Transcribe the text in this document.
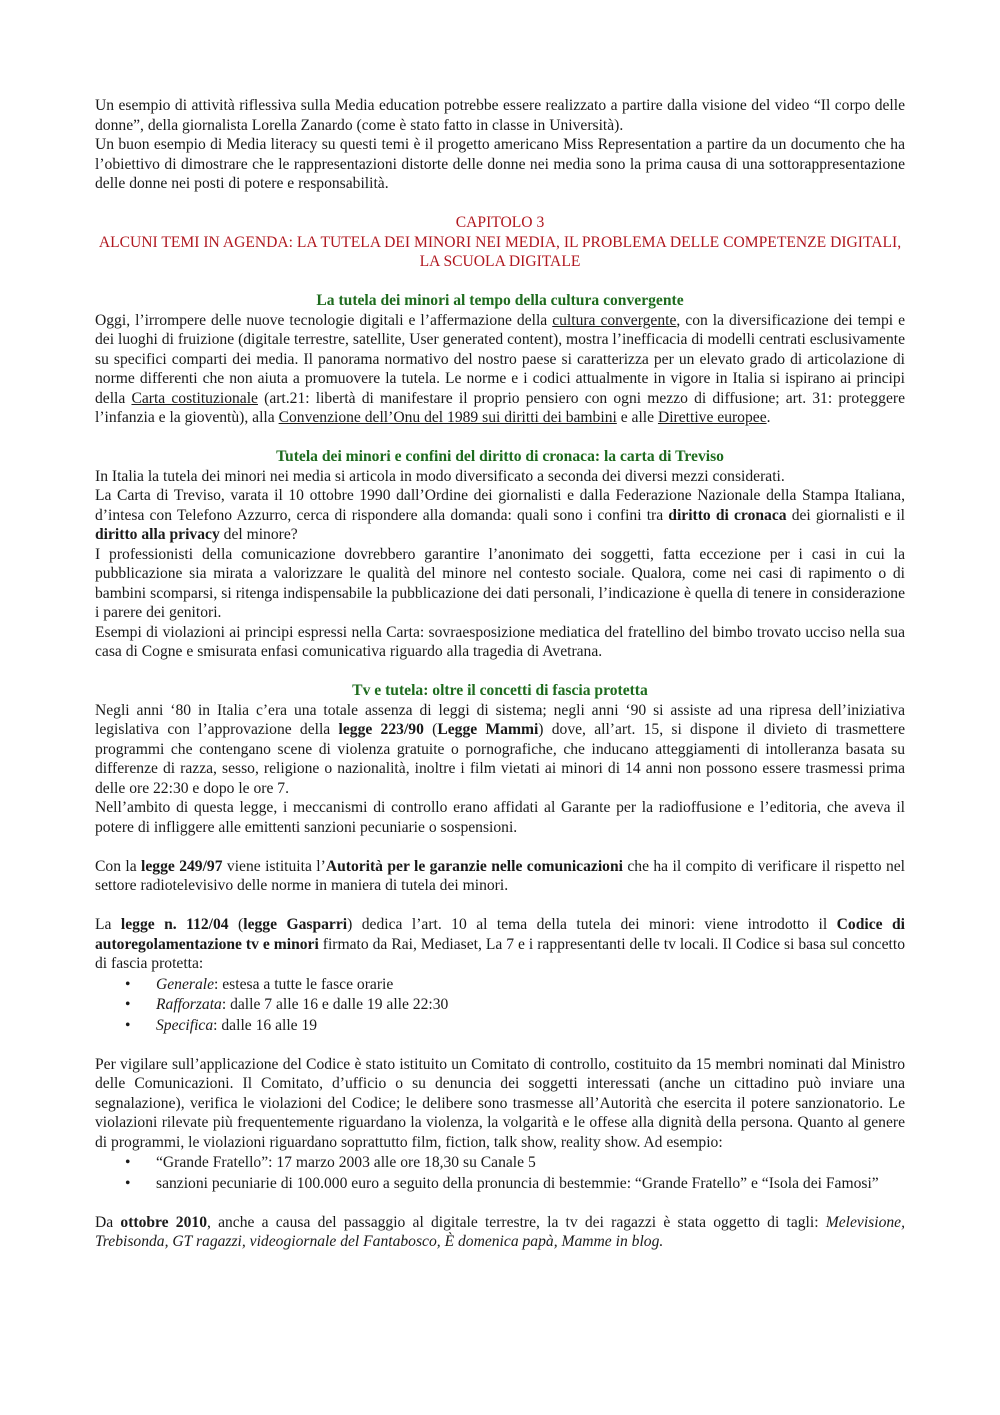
Un esempio di attività riflessiva sulla Media education potrebbe essere realizzato a partire dalla visione del video “Il corpo delle donne”, della giornalista Lorella Zanardo (come è stato fatto in classe in Università).

Un buon esempio di Media literacy su questi temi è il progetto americano Miss Representation a partire da un documento che ha l’obiettivo di dimostrare che le rappresentazioni distorte delle donne nei media sono la prima causa di una sottorappresentazione delle donne nei posti di potere e responsabilità.

CAPITOLO 3
ALCUNI TEMI IN AGENDA: LA TUTELA DEI MINORI NEI MEDIA, IL PROBLEMA DELLE COMPETENZE DIGITALI, LA SCUOLA DIGITALE
La tutela dei minori al tempo della cultura convergente

Oggi, l’irrompere delle nuove tecnologie digitali e l’affermazione della cultura convergente, con la diversificazione dei tempi e dei luoghi di fruizione (digitale terrestre, satellite, User generated content), mostra l’inefficacia di modelli centrati esclusivamente su specifici comparti dei media. Il panorama normativo del nostro paese si caratterizza per un elevato grado di articolazione di norme differenti che non aiuta a promuovere la tutela. Le norme e i codici attualmente in vigore in Italia si ispirano ai principi della Carta costituzionale (art.21: libertà di manifestare il proprio pensiero con ogni mezzo di diffusione; art. 31: proteggere l’infanzia e la gioventù), alla Convenzione dell’Onu del 1989 sui diritti dei bambini e alle Direttive europee.

Tutela dei minori e confini del diritto di cronaca: la carta di Treviso

In Italia la tutela dei minori nei media si articola in modo diversificato a seconda dei diversi mezzi considerati.

La Carta di Treviso, varata il 10 ottobre 1990 dall’Ordine dei giornalisti e dalla Federazione Nazionale della Stampa Italiana, d’intesa con Telefono Azzurro, cerca di rispondere alla domanda: quali sono i confini tra diritto di cronaca dei giornalisti e il diritto alla privacy del minore?

I professionisti della comunicazione dovrebbero garantire l’anonimato dei soggetti, fatta eccezione per i casi in cui la pubblicazione sia mirata a valorizzare le qualità del minore nel contesto sociale. Qualora, come nei casi di rapimento o di bambini scomparsi, si ritenga indispensabile la pubblicazione dei dati personali, l’indicazione è quella di tenere in considerazione i parere dei genitori.

Esempi di violazioni ai principi espressi nella Carta: sovraesposizione mediatica del fratellino del bimbo trovato ucciso nella sua casa di Cogne e smisurata enfasi comunicativa riguardo alla tragedia di Avetrana.

Tv e tutela: oltre il concetti di fascia protetta

Negli anni ‘80 in Italia c’era una totale assenza di leggi di sistema; negli anni ‘90 si assiste ad una ripresa dell’iniziativa legislativa con l’approvazione della legge 223/90 (Legge Mammi) dove, all’art. 15, si dispone il divieto di trasmettere programmi che contengano scene di violenza gratuite o pornografiche, che inducano atteggiamenti di intolleranza basata su differenze di razza, sesso, religione o nazionalità, inoltre i film vietati ai minori di 14 anni non possono essere trasmessi prima delle ore 22:30 e dopo le ore 7.

Nell’ambito di questa legge, i meccanismi di controllo erano affidati al Garante per la radioffusione e l’editoria, che aveva il potere di infliggere alle emittenti sanzioni pecuniarie o sospensioni.

Con la legge 249/97 viene istituita l’Autorità per le garanzie nelle comunicazioni che ha il compito di verificare il rispetto nel settore radiotelevisivo delle norme in maniera di tutela dei minori.

La legge n. 112/04 (legge Gasparri) dedica l’art. 10 al tema della tutela dei minori: viene introdotto il Codice di autoregolamentazione tv e minori firmato da Rai, Mediaset, La 7 e i rappresentanti delle tv locali. Il Codice si basa sul concetto di fascia protetta:

• Generale: estesa a tutte le fasce orarie
• Rafforzata: dalle 7 alle 16 e dalle 19 alle 22:30
• Specifica: dalle 16 alle 19

Per vigilare sull’applicazione del Codice è stato istituito un Comitato di controllo, costituito da 15 membri nominati dal Ministro delle Comunicazioni. Il Comitato, d’ufficio o su denuncia dei soggetti interessati (anche un cittadino può inviare una segnalazione), verifica le violazioni del Codice; le delibere sono trasmesse all’Autorità che esercita il potere sanzionatorio. Le violazioni rilevate più frequentemente riguardano la violenza, la volgarità e le offese alla dignità della persona. Quanto al genere di programmi, le violazioni riguardano soprattutto film, fiction, talk show, reality show. Ad esempio:

• “Grande Fratello”: 17 marzo 2003 alle ore 18,30 su Canale 5
• sanzioni pecuniarie di 100.000 euro a seguito della pronuncia di bestemmie: “Grande Fratello” e “Isola dei Famosi”

Da ottobre 2010, anche a causa del passaggio al digitale terrestre, la tv dei ragazzi è stata oggetto di tagli: Melevisione, Trebisonda, GT ragazzi, videogiornale del Fantabosco, È domenica papà, Mamme in blog.
